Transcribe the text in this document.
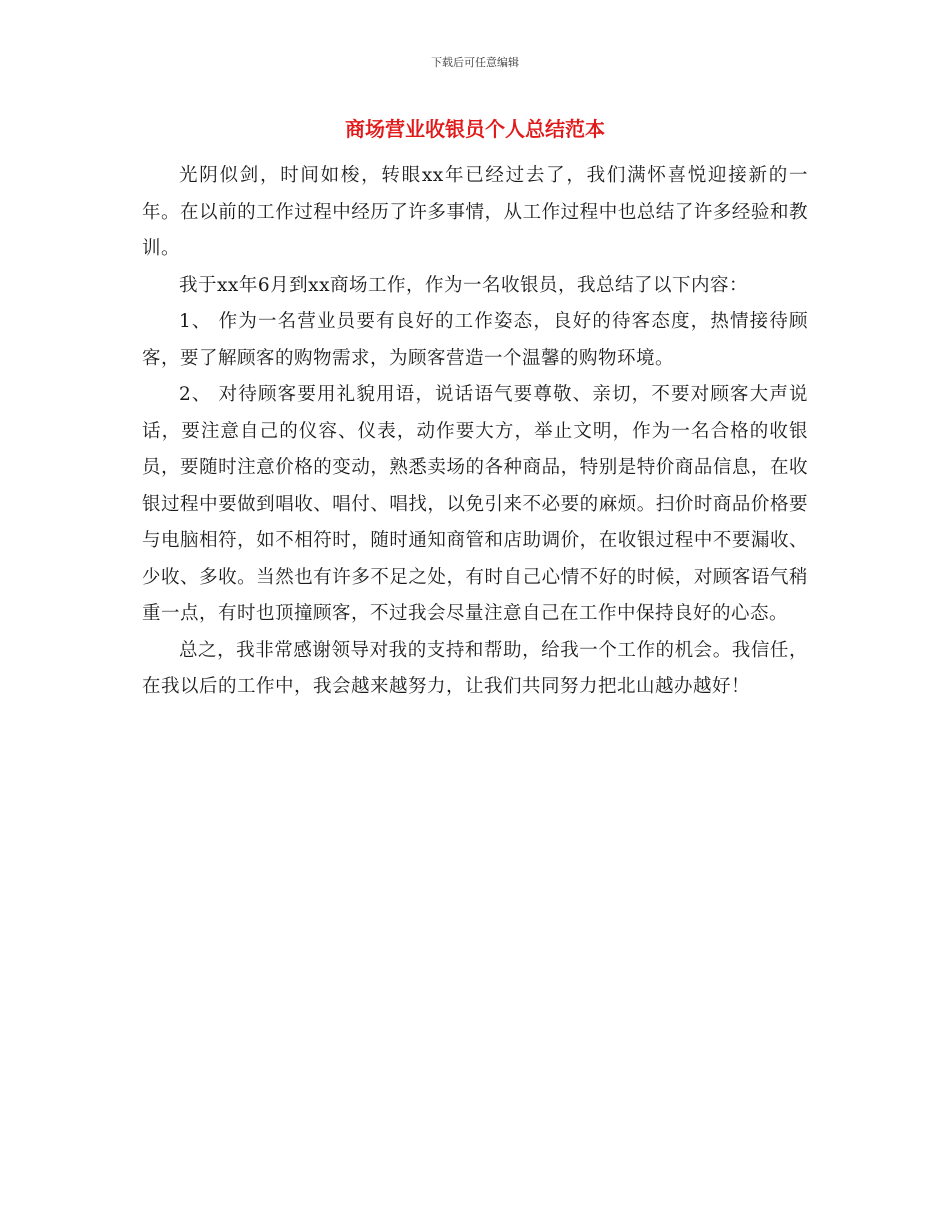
下载后可任意编辑
商场营业收银员个人总结范本

光阴似剑，时间如梭，转眼xx年已经过去了，我们满怀喜悦迎接新的一年。在以前的工作过程中经历了许多事情，从工作过程中也总结了许多经验和教训。

我于xx年6月到xx商场工作，作为一名收银员，我总结了以下内容：

1、 作为一名营业员要有良好的工作姿态，良好的待客态度，热情接待顾客，要了解顾客的购物需求，为顾客营造一个温馨的购物环境。

2、 对待顾客要用礼貌用语，说话语气要尊敬、亲切，不要对顾客大声说话，要注意自己的仪容、仪表，动作要大方，举止文明，作为一名合格的收银员，要随时注意价格的变动，熟悉卖场的各种商品，特别是特价商品信息，在收银过程中要做到唱收、唱付、唱找，以免引来不必要的麻烦。扫价时商品价格要与电脑相符，如不相符时，随时通知商管和店助调价，在收银过程中不要漏收、少收、多收。当然也有许多不足之处，有时自己心情不好的时候，对顾客语气稍重一点，有时也顶撞顾客，不过我会尽量注意自己在工作中保持良好的心态。

总之，我非常感谢领导对我的支持和帮助，给我一个工作的机会。我信任，在我以后的工作中，我会越来越努力，让我们共同努力把北山越办越好！
